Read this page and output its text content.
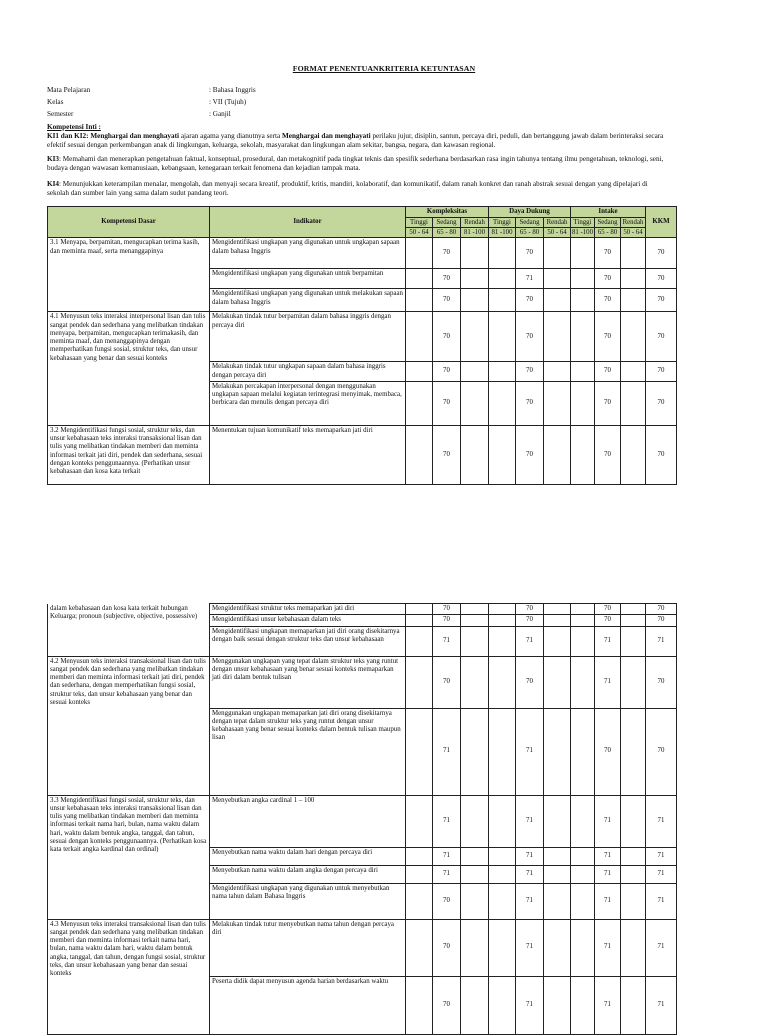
FORMAT PENENTUANKRITERIA KETUNTASAN
Mata Pelajaran	: Bahasa Inggris
Kelas	: VII (Tujuh)
Semester	: Ganjil
Kompetensi Inti :
KI1 dan KI2: Menghargai dan menghayati ajaran agama yang dianutnya serta Menghargai dan menghayati perilaku jujur, disiplin, santun, percaya diri, peduli, dan bertanggung jawab dalam berinteraksi secara efektif sesuai dengan perkembangan anak di lingkungan, keluarga, sekolah, masyarakat dan lingkungan alam sekitar, bangsa, negara, dan kawasan regional.
KI3: Memahami dan menerapkan pengetahuan faktual, konseptual, prosedural, dan metakognitif pada tingkat teknis dan spesifik sederhana berdasarkan rasa ingin tahunya tentang ilmu pengetahuan, teknologi, seni, budaya dengan wawasan kemanusiaan, kebangsaan, kenegaraan terkait fenomena dan kejadian tampak mata.
KI4: Menunjukkan keterampilan menalar, mengolah, dan menyaji secara kreatif, produktif, kritis, mandiri, kolaboratif, dan komunikatif, dalam ranah konkret dan ranah abstrak sesuai dengan yang dipelajari di sekolah dan sumber lain yang sama dalam sudut pandang teori.
Kompetensi Dasar	Indikator	Kompleksitas			Daya Dukung			Intake			KKM
		Tinggi	Sedang	Rendah	Tinggi	Sedang	Rendah	Tinggi	Sedang	Rendah	
		50 - 64	65 - 80	81 -100	81 -100	65 - 80	50 - 64	81 -100	65 - 80	50 - 64	
3.1 Menyapa, berpamitan, mengucapkan terima kasih, dan meminta maaf, serta menanggapinya	Mengidentifikasi ungkapan yang digunakan untuk ungkapan sapaan dalam bahasa Inggris		70			70			70		70
	Mengidentifikasi ungkapan yang digunakan untuk berpamitan		70			71			70		70
	Mengidentifikasi ungkapan yang digunakan untuk melakukan sapaan dalam bahasa Inggris		70			70			70		70
4.1 Menyusun teks interaksi interpersonal lisan dan tulis sangat pendek dan sederhana yang melibatkan tindakan menyapa, berpamitan, mengucapkan terimakasih, dan meminta maaf, dan menanggapinya dengan memperhatikan fungsi sosial, struktur teks, dan unsur kebahasaan yang benar dan sesuai konteks	Melakukan tindak tutur berpamitan dalam bahasa inggris dengan percaya diri		70			70			70		70
	Melakukan tindak tutur ungkapan sapaan dalam bahasa inggris dengan percaya diri		70			70			70		70
	Melakukan percakapan interpersonal dengan menggunakan ungkapan sapaan melalui kegiatan terintegrasi menyimak, membaca, berbicara dan menulis dengan percaya diri		70			70			70		70

3.2 Mengidentifikasi fungsi sosial, struktur teks, dan unsur kebahasaan teks interaksi transaksional lisan dan tulis yang melibatkan tindakan memberi dan meminta informasi terkait jati diri, pendek dan sederhana, sesuai dengan konteks penggunaannya. (Perhatikan unsur kebahasaan dan kosa kata terkait	Menentukan tujuan komunikatif teks memaparkan jati diri		70			70			70		70
dalam kebahasaan dan kosa kata terkait hubungan Keluarga; pronoun (subjective, objective, possessive)	Mengidentifikasi struktur teks memaparkan jati diri		70			70			70		70
	Mengidentifikasi unsur kebahasaan dalam teks		70			70			70		70
	Mengidentifikasi ungkapan memaparkan jati diri orang disekitarnya dengan baik sesuai dengan struktur teks dan unsur kebahasaan		71			71			71		71
4.2 Menyusun teks interaksi transaksional lisan dan tulis sangat pendek dan sederhana yang melibatkan tindakan memberi dan meminta informasi terkait jati diri, pendek dan sederhana, dengan memperhatikan fungsi sosial, struktur teks, dan unsur kebahasaan yang benar dan sesuai konteks	Menggunakan ungkapan yang tepat dalam struktur teks yang runtut dengan unsur kebahasaan yang benar sesuai konteks memaparkan jati diri dalam bentuk tulisan		70			70			71		70
	Menggunakan ungkapan memaparkan jati diri orang disekitarnya dengan tepat dalam struktur teks yang runtut dengan unsur kebahasaan yang benar sesuai konteks dalam bentuk tulisan maupun lisan		71			71			70		70
3.3 Mengidentifikasi fungsi sosial, struktur teks, dan unsur kebahasaan teks interaksi transaksional lisan dan tulis yang melibatkan tindakan memberi dan meminta informasi terkait nama hari, bulan, nama waktu dalam hari, waktu dalam bentuk angka, tanggal, dan tahun, sesuai dengan konteks penggunaannya. (Perhatikan kosa kata terkait angka kardinal dan ordinal)	Menyebutkan angka cardinal 1 – 100		71			71			71		71
	Menyebutkan nama waktu dalam hari dengan percaya diri		71			71			71		71
	Menyebutkan nama waktu dalam angka dengan percaya diri		71			71			71		71
	Mengidentifikasi ungkapan yang digunakan untuk menyebutkan nama tahun dalam Bahasa Inggris		70			71			71		71
4.3 Menyusun teks interaksi transaksional lisan dan tulis sangat pendek dan sederhana yang melibatkan tindakan memberi dan meminta informasi terkait nama hari, bulan, nama waktu dalam hari, waktu dalam bentuk angka, tanggal, dan tahun, dengan fungsi sosial, struktur teks, dan unsur kebahasaan yang benar dan sesuai konteks	Melakukan tindak tutur menyebutkan nama tahun dengan percaya diri		70			71			71		71
	Peserta didik dapat menyusun agenda harian berdasarkan waktu		70			71			71		71
